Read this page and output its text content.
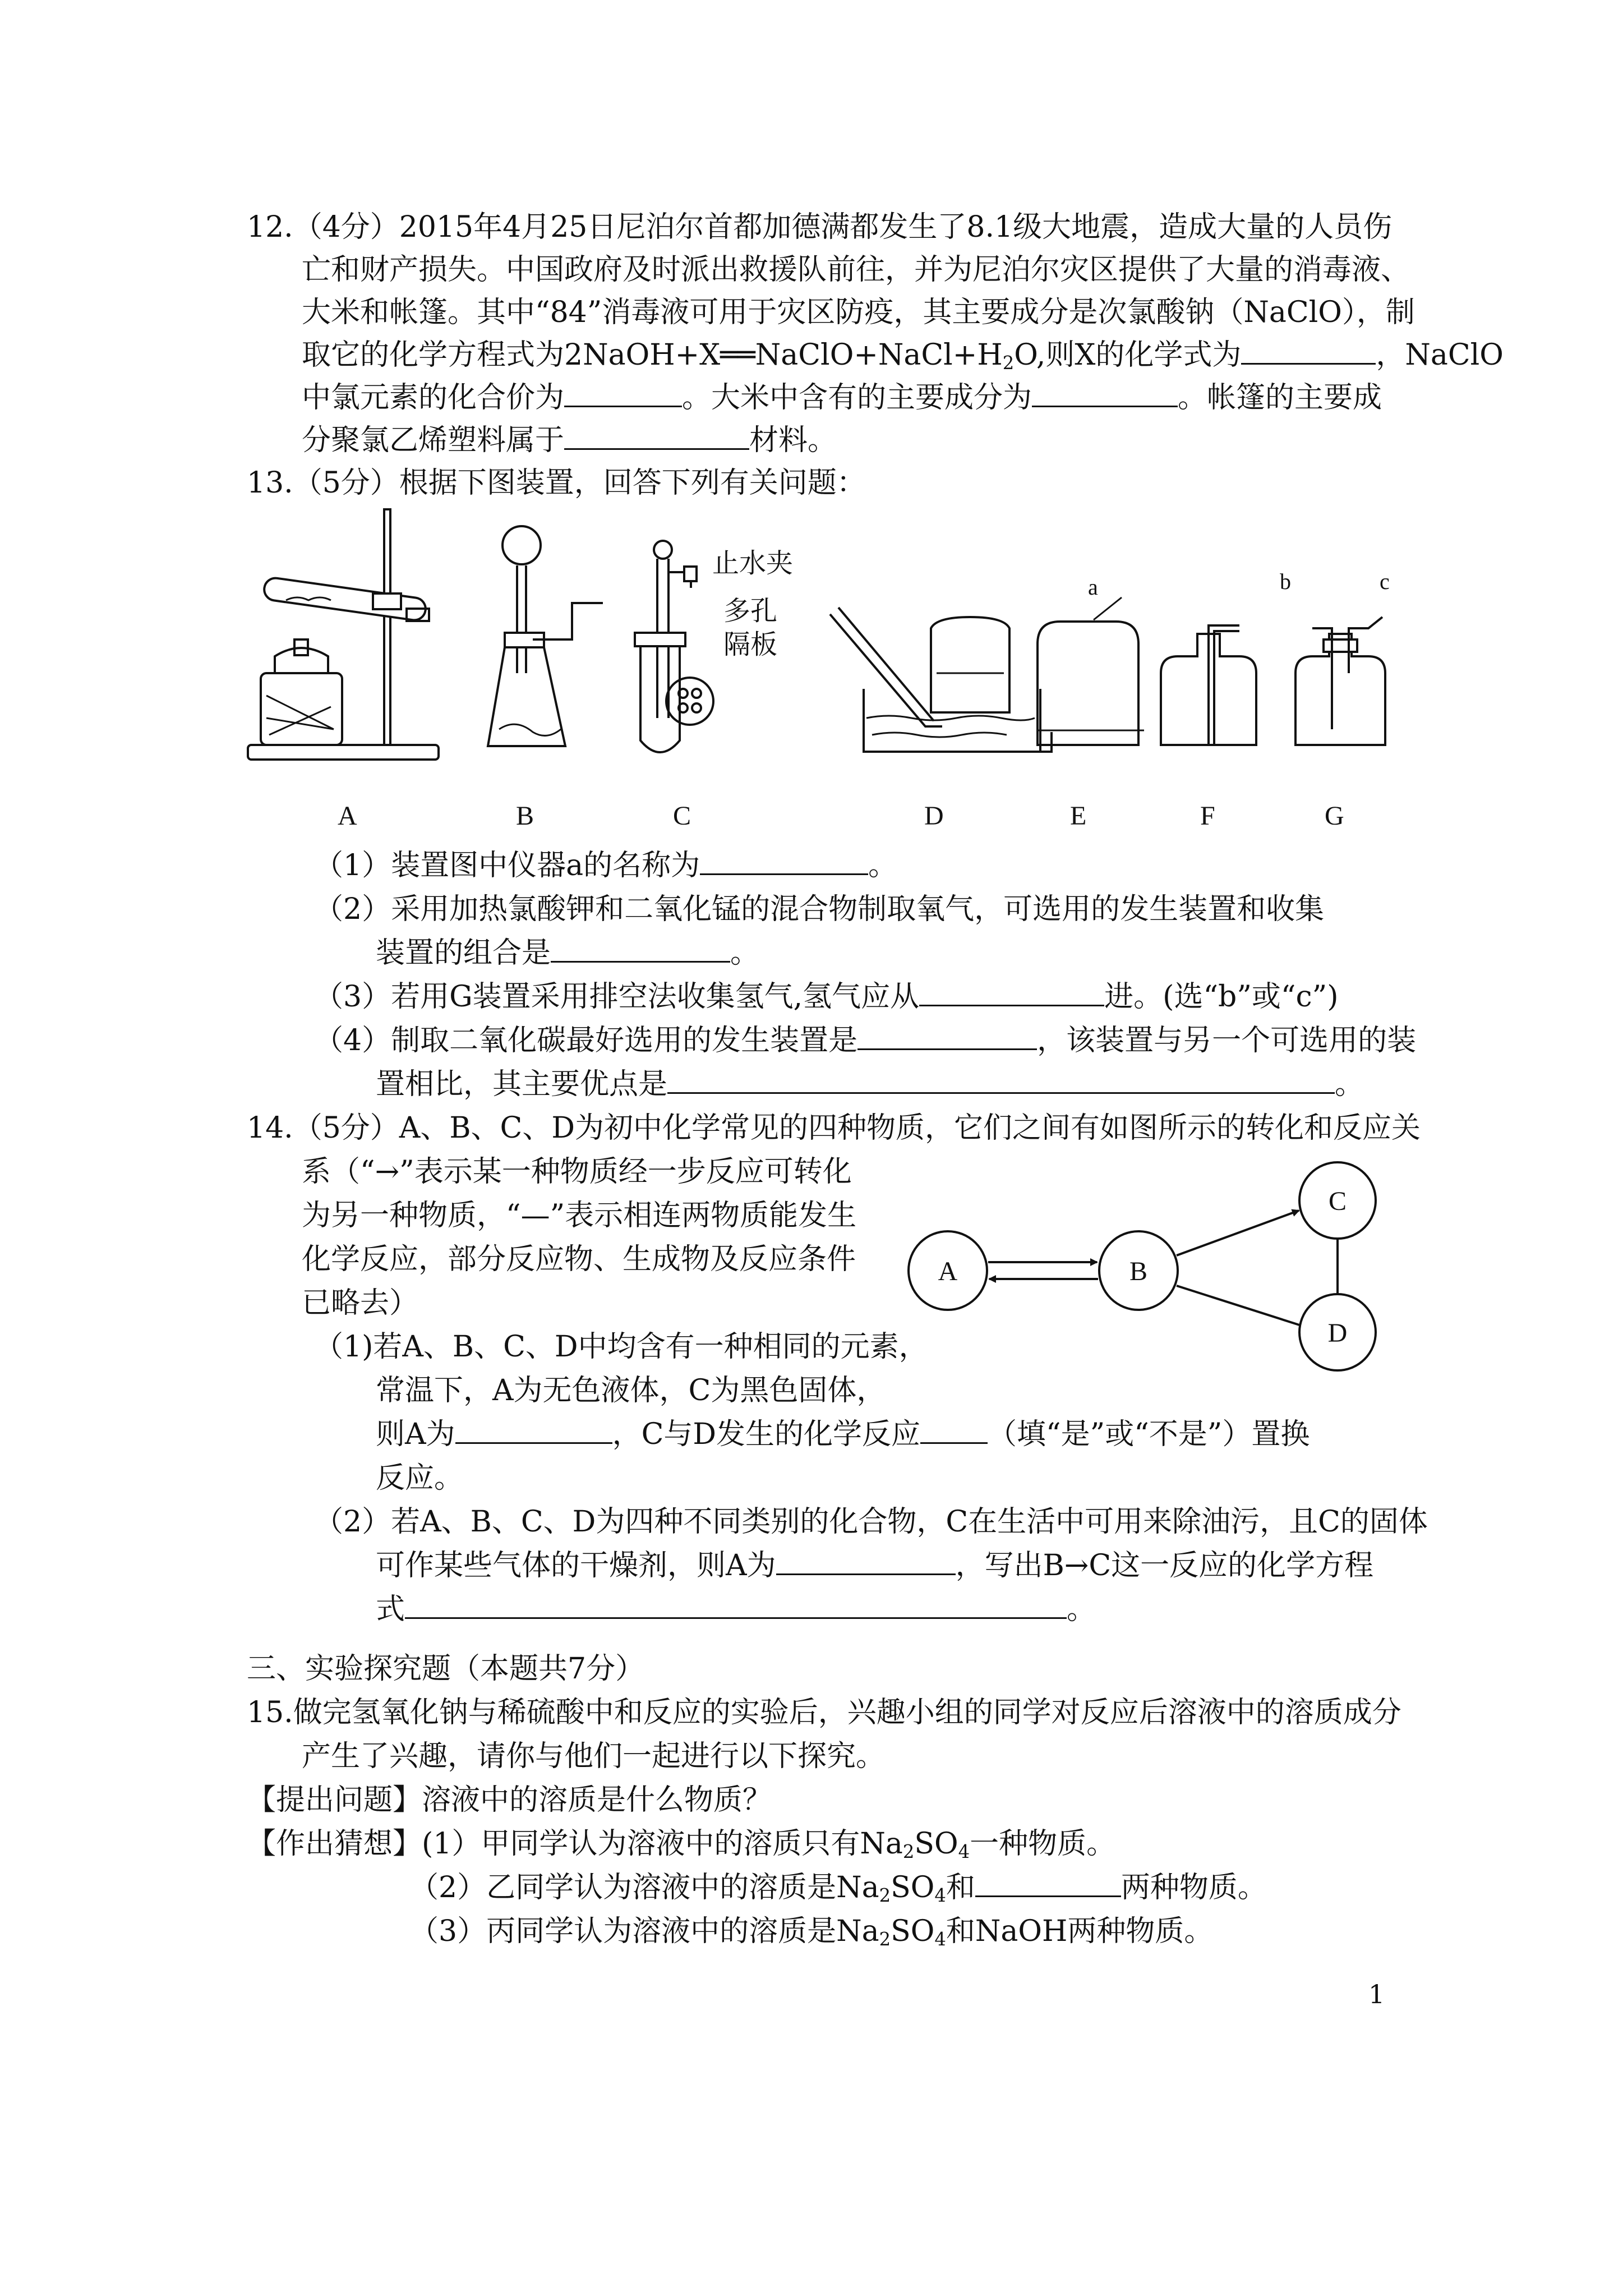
12.（4分）2015年4月25日尼泊尔首都加德满都发生了8.1级大地震，造成大量的人员伤
亡和财产损失。中国政府及时派出救援队前往，并为尼泊尔灾区提供了大量的消毒液、
大米和帐篷。其中“84”消毒液可用于灾区防疫，其主要成分是次氯酸钠（NaClO），制
取它的化学方程式为$2NaOH+X══NaClO+NaCl+H_2O$,则X的化学式为	，NaClO
中氯元素的化合价为	。大米中含有的主要成分为	。帐篷的主要成
分聚氯乙烯塑料属于	材料。
13.（5分）根据下图装置，回答下列有关问题：
a	b	c
止水夹
多孔
隔板
A	B	C	D	E	F	G
（1）装置图中仪器a的名称为	。
（2）采用加热氯酸钾和二氧化锰的混合物制取氧气，可选用的发生装置和收集
装置的组合是	。
（3）若用G装置采用排空法收集氢气,氢气应从	进。(选“b”或“c”)
（4）制取二氧化碳最好选用的发生装置是	，该装置与另一个可选用的装
置相比，其主要优点是	。
14.（5分）A、B、C、D为初中化学常见的四种物质，它们之间有如图所示的转化和反应关
系（“→”表示某一种物质经一步反应可转化
为另一种物质，“—”表示相连两物质能发生
化学反应，部分反应物、生成物及反应条件
已略去）
A	B
C
D
（1)若A、B、C、D中均含有一种相同的元素，
常温下，A为无色液体，C为黑色固体，
则A为	，C与D发生的化学反应 （填“是”或“不是”）置换
反应。
（2）若A、B、C、D为四种不同类别的化合物，C在生活中可用来除油污，且C的固体
可作某些气体的干燥剂，则A为	，写出B→C这一反应的化学方程
式	。
三、实验探究题（本题共7分）
15.做完氢氧化钠与稀硫酸中和反应的实验后，兴趣小组的同学对反应后溶液中的溶质成分
产生了兴趣，请你与他们一起进行以下探究。
【提出问题】溶液中的溶质是什么物质？
【作出猜想】(1）甲同学认为溶液中的溶质只有$Na_2SO_4$一种物质。
（2）乙同学认为溶液中的溶质是$Na_2SO_4$和	两种物质。
（3）丙同学认为溶液中的溶质是$Na_2SO_4$和NaOH两种物质。
1
